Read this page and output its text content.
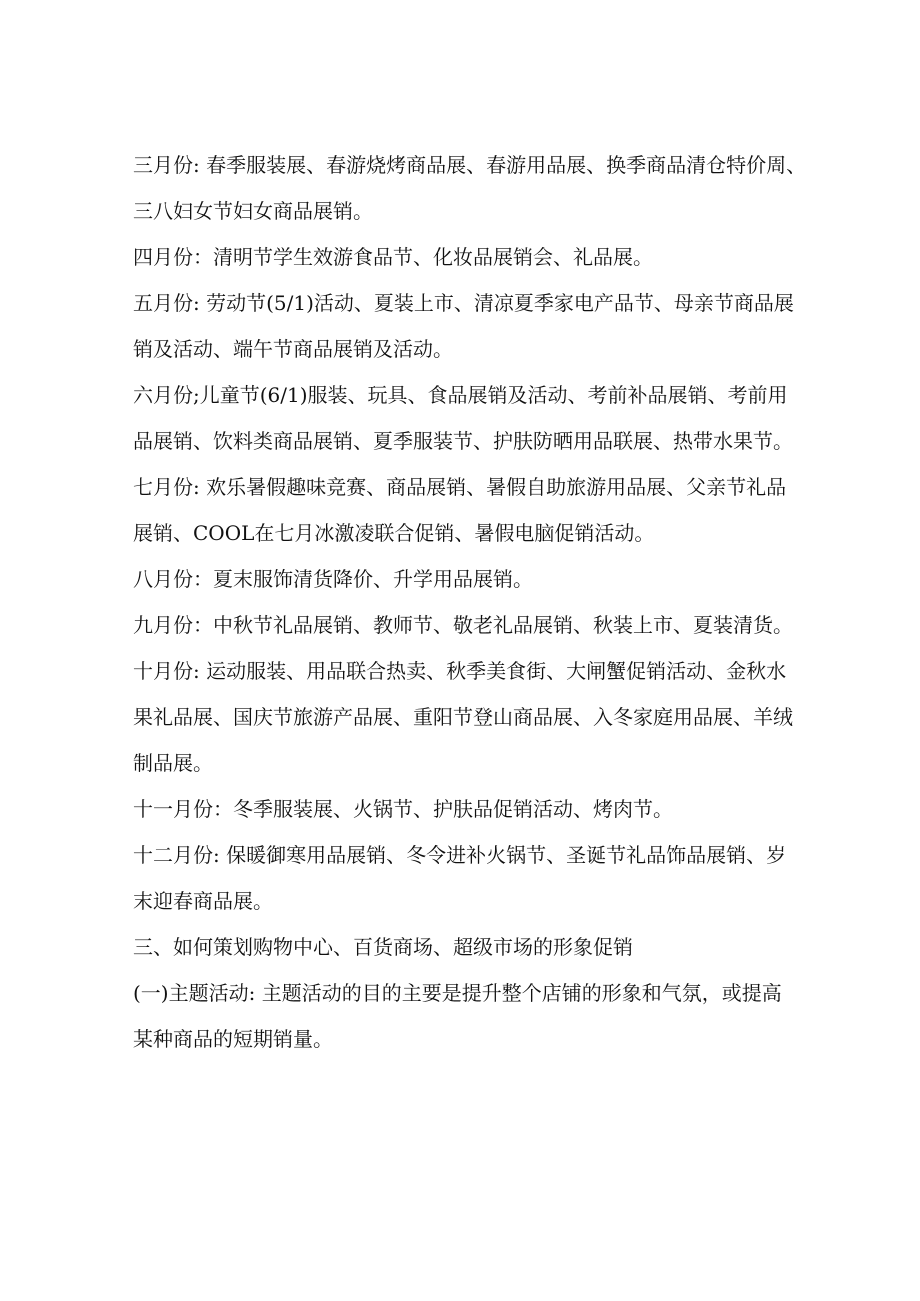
三月份: 春季服装展、春游烧烤商品展、春游用品展、换季商品清仓特价周、
三八妇女节妇女商品展销。
四月份：清明节学生效游食品节、化妆品展销会、礼品展。
五月份: 劳动节(5/1)活动、夏装上市、清凉夏季家电产品节、母亲节商品展
销及活动、端午节商品展销及活动。
六月份;儿童节(6/1)服装、玩具、食品展销及活动、考前补品展销、考前用
品展销、饮料类商品展销、夏季服装节、护肤防晒用品联展、热带水果节。
七月份: 欢乐暑假趣味竞赛、商品展销、暑假自助旅游用品展、父亲节礼品
展销、COOL在七月冰激凌联合促销、暑假电脑促销活动。
八月份：夏末服饰清货降价、升学用品展销。
九月份：中秋节礼品展销、教师节、敬老礼品展销、秋装上市、夏装清货。
十月份: 运动服装、用品联合热卖、秋季美食街、大闸蟹促销活动、金秋水
果礼品展、国庆节旅游产品展、重阳节登山商品展、入冬家庭用品展、羊绒
制品展。
十一月份：冬季服装展、火锅节、护肤品促销活动、烤肉节。
十二月份: 保暖御寒用品展销、冬令进补火锅节、圣诞节礼品饰品展销、岁
末迎春商品展。
三、如何策划购物中心、百货商场、超级市场的形象促销
(一)主题活动: 主题活动的目的主要是提升整个店铺的形象和气氛，或提高
某种商品的短期销量。
